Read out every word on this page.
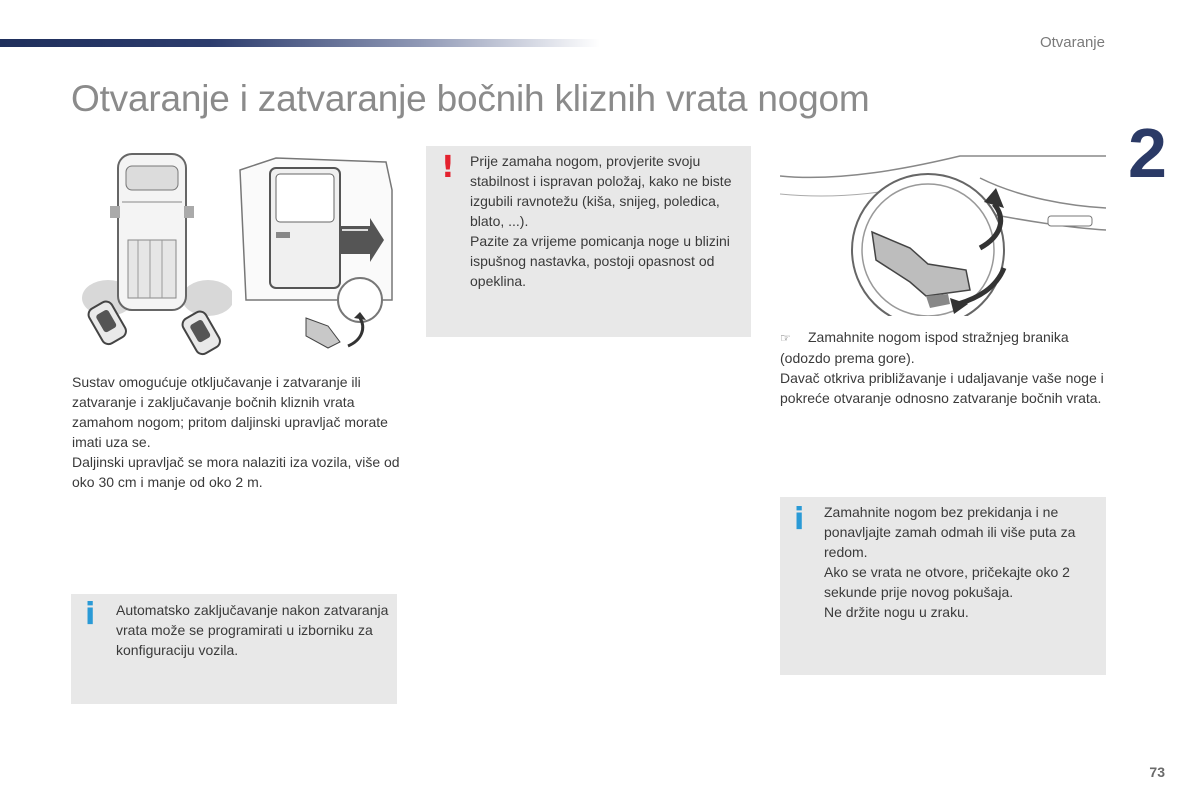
Otvaranje
2
Otvaranje i zatvaranje bočnih kliznih vrata nogom

Sustav omogućuje otključavanje i zatvaranje ili zatvaranje i zaključavanje bočnih kliznih vrata zamahom nogom; pritom daljinski upravljač morate imati uza se.

Daljinski upravljač se mora nalaziti iza vozila, više od oko 30 cm i manje od oko 2 m.

i Automatsko zaključavanje nakon zatvaranja vrata može se programirati u izborniku za konfiguraciju vozila.
! Prije zamaha nogom, provjerite svoju stabilnost i ispravan položaj, kako ne biste izgubili ravnotežu (kiša, snijeg, poledica, blato, ...).

Pazite za vrijeme pomicanja noge u blizini ispušnog nastavka, postoji opasnost od opeklina.

☞ Zamahnite nogom ispod stražnjeg branika (odozdo prema gore).

Davač otkriva približavanje i udaljavanje vaše noge i pokreće otvaranje odnosno zatvaranje bočnih vrata.

i Zamahnite nogom bez prekidanja i ne ponavljajte zamah odmah ili više puta za redom.

Ako se vrata ne otvore, pričekajte oko 2 sekunde prije novog pokušaja.

Ne držite nogu u zraku.

73
